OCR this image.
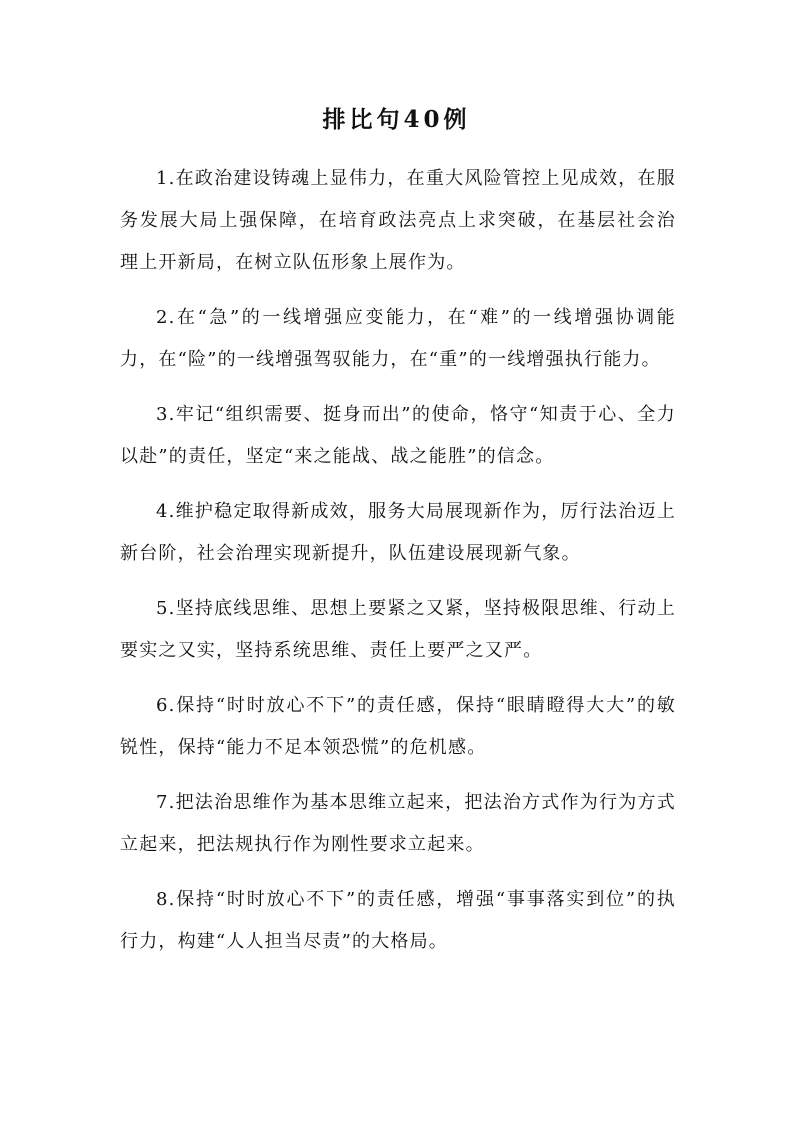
排比句40例

1.在政治建设铸魂上显伟力，在重大风险管控上见成效，在服务发展大局上强保障，在培育政法亮点上求突破，在基层社会治理上开新局，在树立队伍形象上展作为。

2.在“急”的一线增强应变能力，在“难”的一线增强协调能力，在“险”的一线增强驾驭能力，在“重”的一线增强执行能力。

3.牢记“组织需要、挺身而出”的使命，恪守“知责于心、全力以赴”的责任，坚定“来之能战、战之能胜”的信念。

4.维护稳定取得新成效，服务大局展现新作为，厉行法治迈上新台阶，社会治理实现新提升，队伍建设展现新气象。

5.坚持底线思维、思想上要紧之又紧，坚持极限思维、行动上要实之又实，坚持系统思维、责任上要严之又严。

6.保持“时时放心不下”的责任感，保持“眼睛瞪得大大”的敏锐性，保持“能力不足本领恐慌”的危机感。

7.把法治思维作为基本思维立起来，把法治方式作为行为方式立起来，把法规执行作为刚性要求立起来。

8.保持“时时放心不下”的责任感，增强“事事落实到位”的执行力，构建“人人担当尽责”的大格局。
